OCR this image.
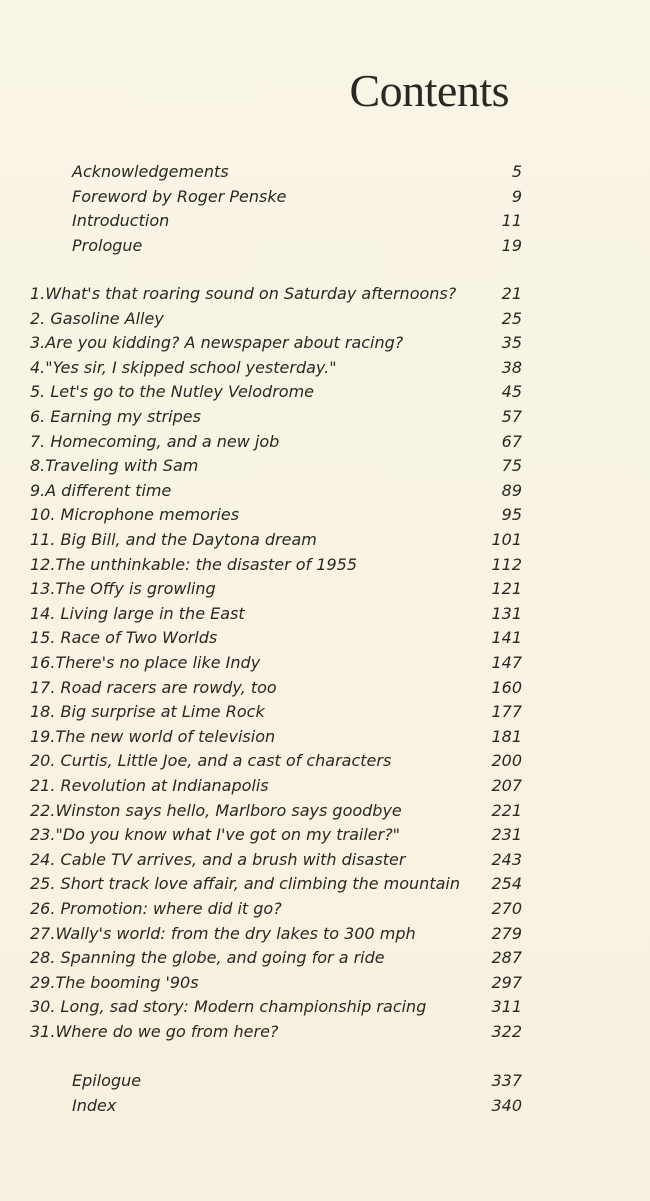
Contents
Acknowledgements	5
Foreword by Roger Penske	9
Introduction	11
Prologue	19
1.What's that roaring sound on Saturday afternoons?	21
2. Gasoline Alley	25
3.Are you kidding? A newspaper about racing?	35
4."Yes sir, I skipped school yesterday."	38
5. Let's go to the Nutley Velodrome	45
6. Earning my stripes	57
7. Homecoming, and a new job	67
8.Traveling with Sam	75
9.A different time	89
10. Microphone memories	95
11. Big Bill, and the Daytona dream	101
12.The unthinkable: the disaster of 1955	112
13.The Offy is growling	121
14. Living large in the East	131
15. Race of Two Worlds	141
16.There's no place like Indy	147
17. Road racers are rowdy, too	160
18. Big surprise at Lime Rock	177
19.The new world of television	181
20. Curtis, Little Joe, and a cast of characters	200
21. Revolution at Indianapolis	207
22.Winston says hello, Marlboro says goodbye	221
23."Do you know what I've got on my trailer?"	231
24. Cable TV arrives, and a brush with disaster	243
25. Short track love affair, and climbing the mountain	254
26. Promotion: where did it go?	270
27.Wally's world: from the dry lakes to 300 mph	279
28. Spanning the globe, and going for a ride	287
29.The booming '90s	297
30. Long, sad story: Modern championship racing	311
31.Where do we go from here?	322
Epilogue	337
Index	340
